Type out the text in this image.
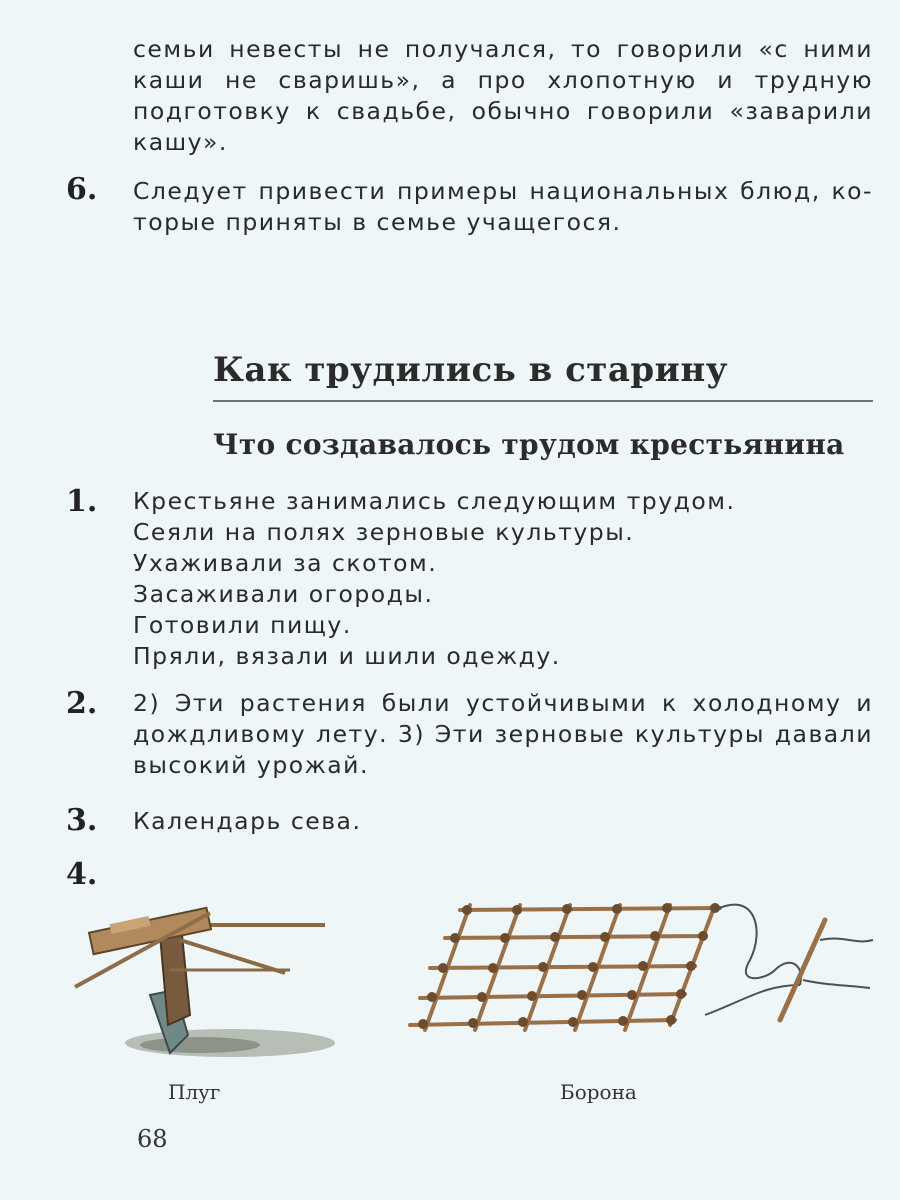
семьи невесты не получался, то говорили «с ними
каши не сваришь», а про хлопотную и трудную
подготовку к свадьбе, обычно говорили «заварили
кашу».
6. Следует привести примеры национальных блюд, ко-
торые приняты в семье учащегося.
Как трудились в старину
Что создавалось трудом крестьянина
1. Крестьяне занимались следующим трудом.
Сеяли на полях зерновые культуры.
Ухаживали за скотом.
Засаживали огороды.
Готовили пищу.
Пряли, вязали и шили одежду.
2. 2) Эти растения были устойчивыми к холодному и
дождливому лету. 3) Эти зерновые культуры давали
высокий урожай.
3. Календарь сева.
4.
Плуг	Борона
68
